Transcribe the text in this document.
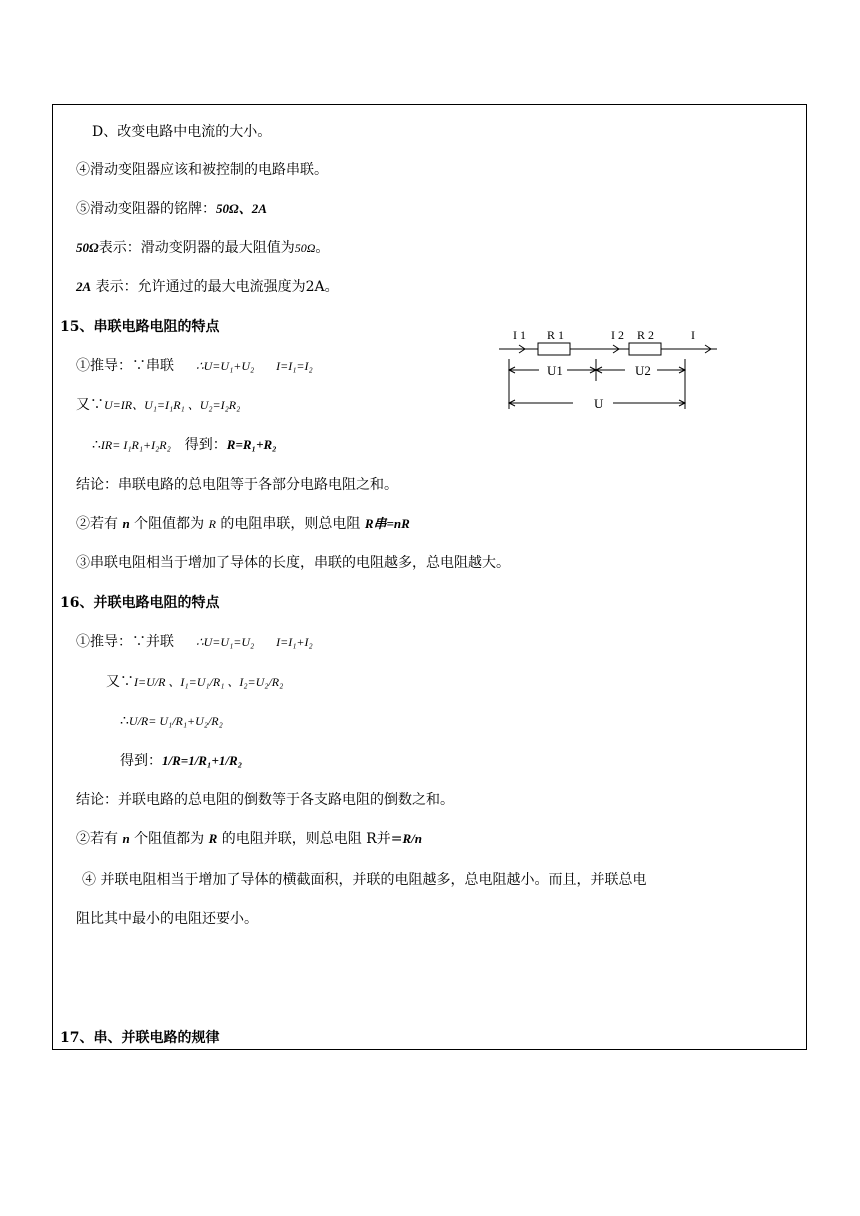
D、改变电路中电流的大小。
④滑动变阻器应该和被控制的电路串联。
⑤滑动变阻器的铭牌：50Ω、2A
50Ω表示：滑动变阴器的最大阻值为50Ω。
2A 表示：允许通过的最大电流强度为2A。
15、串联电路电阻的特点
①推导：∵串联 ∴U=U₁+U₂ I=I₁=I₂
又∵U=IR、U₁=I₁R₁ 、U₂=I₂R₂
∴IR= I₁R₁+I₂R₂ 得到：R=R₁+R₂
结论：串联电路的总电阻等于各部分电路电阻之和。
②若有 n 个阻值都为 R 的电阻串联，则总电阻 R串=nR
③串联电阻相当于增加了导体的长度，串联的电阻越多，总电阻越大。
16、并联电路电阻的特点
①推导：∵并联 ∴U=U₁=U₂ I=I₁+I₂
又∵I=U/R 、I₁=U₁/R₁ 、I₂=U₂/R₂
∴U/R= U₁/R₁+U₂/R₂
得到：1/R=1/R₁+1/R₂
结论：并联电路的总电阻的倒数等于各支路电阻的倒数之和。
②若有 n 个阻值都为 R 的电阻并联，则总电阻 R并=R/n
④ 并联电阻相当于增加了导体的横截面积，并联的电阻越多，总电阻越小。而且，并联总电
阻比其中最小的电阻还要小。
17、串、并联电路的规律
I 1 R 1	I 2 R 2	I
U1	U2
U
